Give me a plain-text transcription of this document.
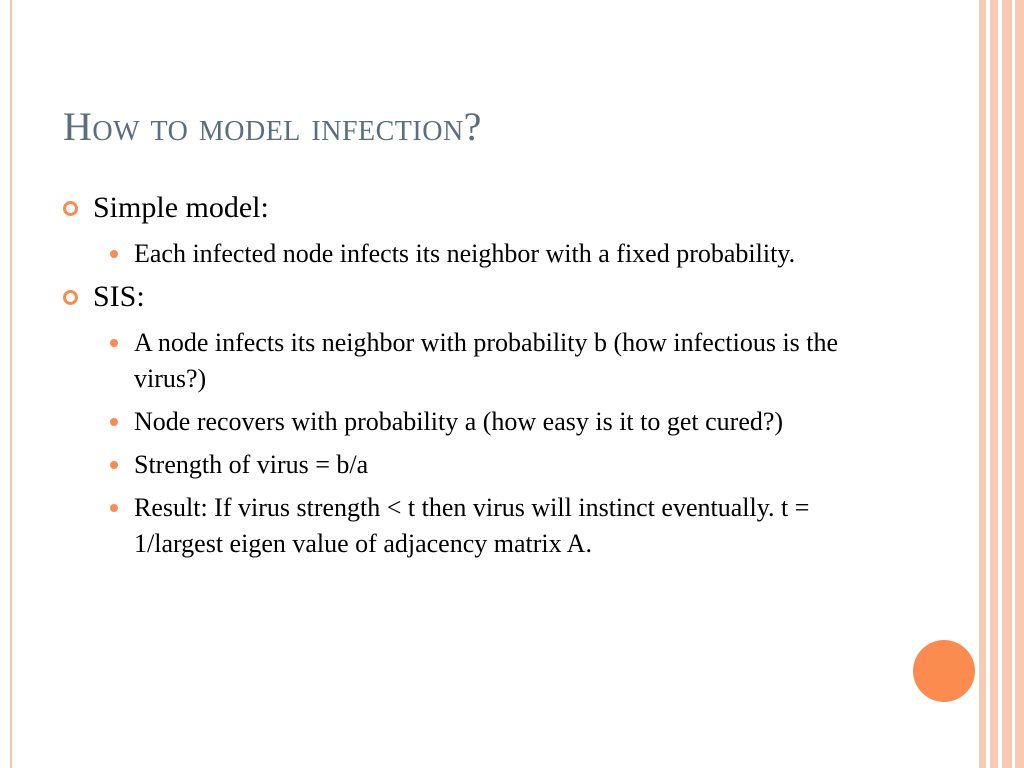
How to model infection?
Simple model:
Each infected node infects its neighbor with a fixed probability.
SIS:
A node infects its neighbor with probability b (how infectious is the virus?)
Node recovers with probability a (how easy is it to get cured?)
Strength of virus = b/a
Result: If virus strength < t then virus will instinct eventually. t = 1/largest eigen value of adjacency matrix A.
